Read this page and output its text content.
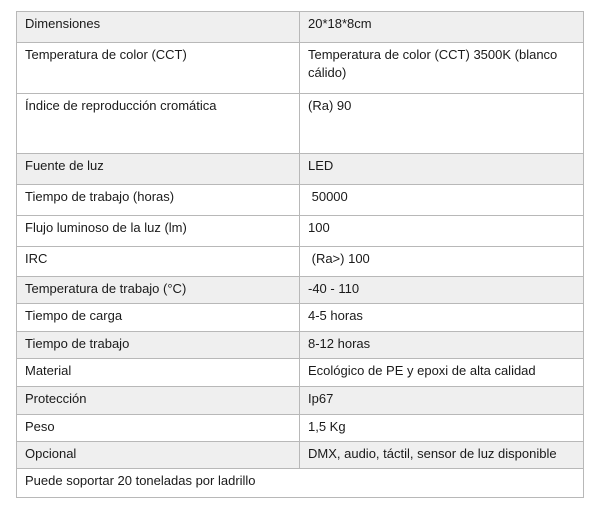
Dimensiones	20*18*8cm
Temperatura de color (CCT)	Temperatura de color (CCT) 3500K (blanco cálido)
Índice de reproducción cromática	(Ra) 90
Fuente de luz	LED
Tiempo de trabajo (horas)	50000
Flujo luminoso de la luz (lm)	100
IRC	(Ra>) 100
Temperatura de trabajo (°C)	-40 - 110
Tiempo de carga	4-5 horas
Tiempo de trabajo	8-12 horas
Material	Ecológico de PE y epoxi de alta calidad
Protección	Ip67
Peso	1,5 Kg
Opcional	DMX, audio, táctil, sensor de luz disponible
Puede soportar 20 toneladas por ladrillo	
